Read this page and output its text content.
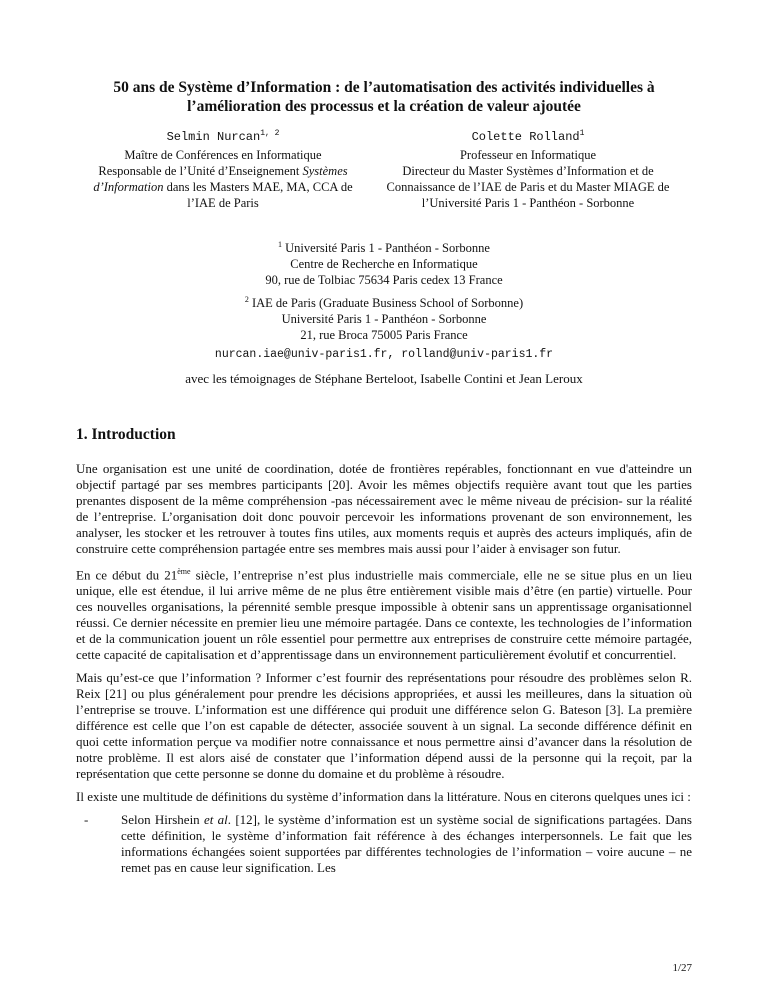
50 ans de Système d’Information : de l’automatisation des activités individuelles à
l’amélioration des processus et la création de valeur ajoutée
Selmin Nurcan$^{1, 2}$
Maître de Conférences en Informatique
Responsable de l’Unité d’Enseignement Systèmes d’Information dans les Masters MAE, MA, CCA de l’IAE de Paris
Colette Rolland$^1$
Professeur en Informatique
Directeur du Master Systèmes d’Information et de Connaissance de l’IAE de Paris et du Master MIAGE de l’Université Paris 1 - Panthéon - Sorbonne
$^1$ Université Paris 1 - Panthéon - Sorbonne
Centre de Recherche en Informatique
90, rue de Tolbiac 75634 Paris cedex 13 France
$^2$ IAE de Paris (Graduate Business School of Sorbonne)
Université Paris 1 - Panthéon - Sorbonne
21, rue Broca 75005 Paris France
nurcan.iae@univ-paris1.fr, rolland@univ-paris1.fr
avec les témoignages de Stéphane Berteloot, Isabelle Contini et Jean Leroux
1. Introduction

Une organisation est une unité de coordination, dotée de frontières repérables, fonctionnant en vue d'atteindre un objectif partagé par ses membres participants [20]. Avoir les mêmes objectifs requière avant tout que les parties prenantes disposent de la même compréhension -pas nécessairement avec le même niveau de précision- sur la réalité de l’entreprise. L’organisation doit donc pouvoir percevoir les informations provenant de son environnement, les analyser, les stocker et les retrouver à toutes fins utiles, aux moments requis et auprès des acteurs impliqués, afin de construire cette compréhension partagée entre ses membres mais aussi pour l’aider à envisager son futur.

En ce début du 21ème siècle, l’entreprise n’est plus industrielle mais commerciale, elle ne se situe plus en un lieu unique, elle est étendue, il lui arrive même de ne plus être entièrement visible mais d’être (en partie) virtuelle. Pour ces nouvelles organisations, la pérennité semble presque impossible à obtenir sans un apprentissage organisationnel réussi. Ce dernier nécessite en premier lieu une mémoire partagée. Dans ce contexte, les technologies de l’information et de la communication jouent un rôle essentiel pour permettre aux entreprises de construire cette mémoire partagée, cette capacité de capitalisation et d’apprentissage dans un environnement particulièrement évolutif et concurrentiel.

Mais qu’est-ce que l’information ? Informer c’est fournir des représentations pour résoudre des problèmes selon R. Reix [21] ou plus généralement pour prendre les décisions appropriées, et aussi les meilleures, dans la situation où l’entreprise se trouve. L’information est une différence qui produit une différence selon G. Bateson [3]. La première différence est celle que l’on est capable de détecter, associée souvent à un signal. La seconde différence définit en quoi cette information perçue va modifier notre connaissance et nous permettre ainsi d’avancer dans la résolution de notre problème. Il est alors aisé de constater que l’information dépend aussi de la personne qui la reçoit, par la représentation que cette personne se donne du domaine et du problème à résoudre.

Il existe une multitude de définitions du système d’information dans la littérature. Nous en citerons quelques unes ici :

-	Selon Hirshein et al. [12], le système d’information est un système social de significations partagées. Dans cette définition, le système d’information fait référence à des échanges interpersonnels. Le fait que les informations échangées soient supportées par différentes technologies de l’information – voire aucune – ne remet pas en cause leur signification. Les
1/27
